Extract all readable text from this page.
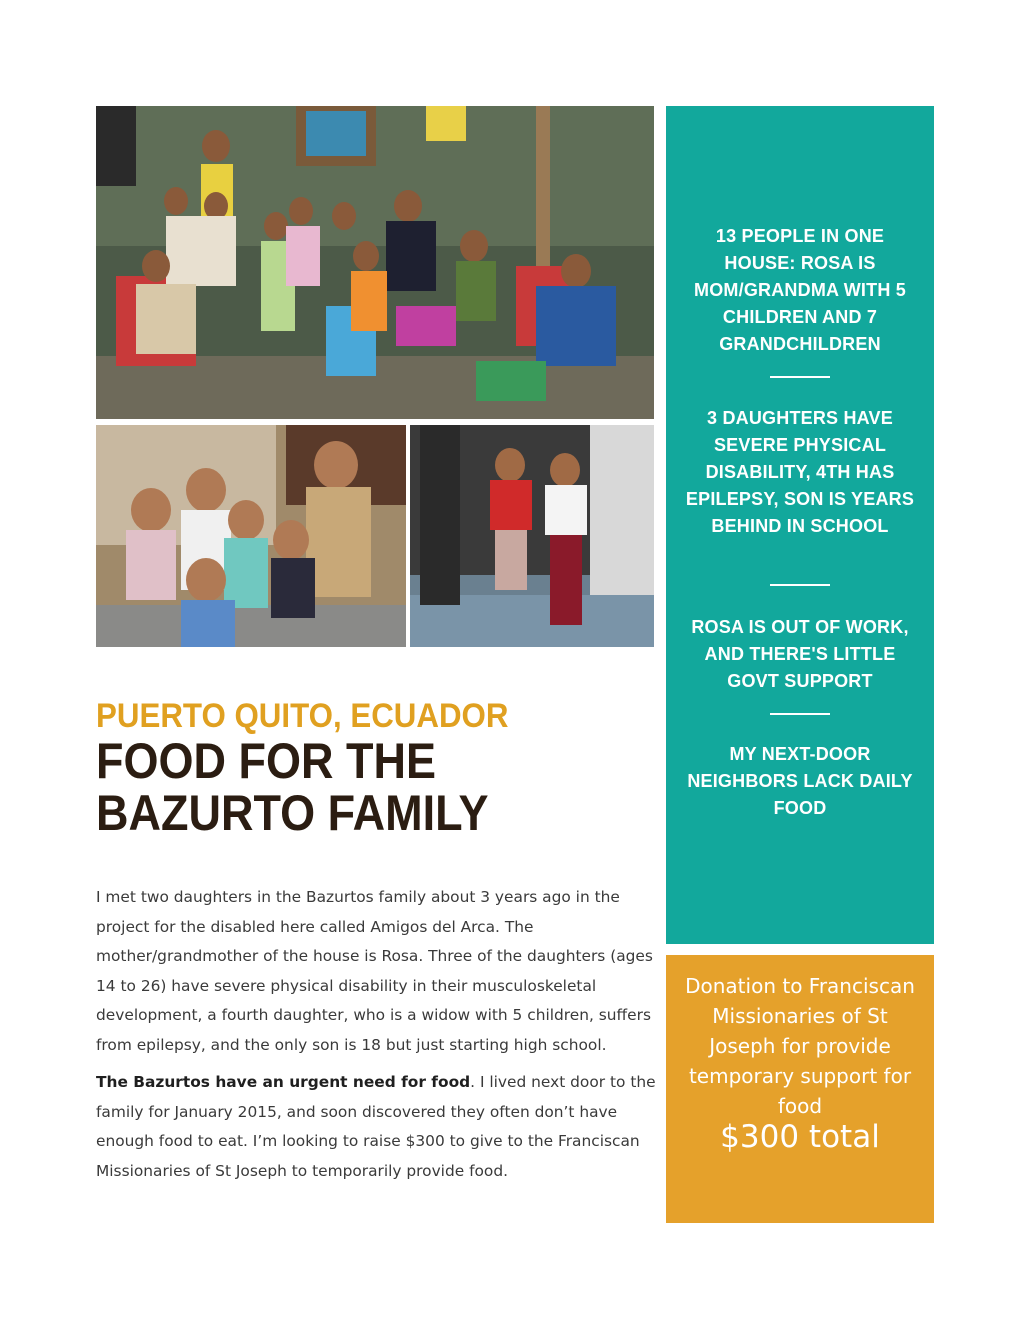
13 PEOPLE IN ONE HOUSE: ROSA IS MOM/GRANDMA WITH 5 CHILDREN AND 7 GRANDCHILDREN
3 DAUGHTERS HAVE SEVERE PHYSICAL DISABILITY, 4TH HAS EPILEPSY, SON IS YEARS BEHIND IN SCHOOL
ROSA IS OUT OF WORK, AND THERE'S LITTLE GOVT SUPPORT
MY NEXT-DOOR NEIGHBORS LACK DAILY FOOD
Donation to Franciscan Missionaries of St Joseph for provide temporary support for food
$300 total
PUERTO QUITO, ECUADOR
FOOD FOR THE BAZURTO FAMILY

I met two daughters in the Bazurtos family about 3 years ago in the project for the disabled here called Amigos del Arca. The mother/grandmother of the house is Rosa. Three of the daughters (ages 14 to 26) have severe physical disability in their musculoskeletal development, a fourth daughter, who is a widow with 5 children, suffers from epilepsy, and the only son is 18 but just starting high school.

The Bazurtos have an urgent need for food. I lived next door to the family for January 2015, and soon discovered they often don’t have enough food to eat. I’m looking to raise $300 to give to the Franciscan Missionaries of St Joseph to temporarily provide food.
